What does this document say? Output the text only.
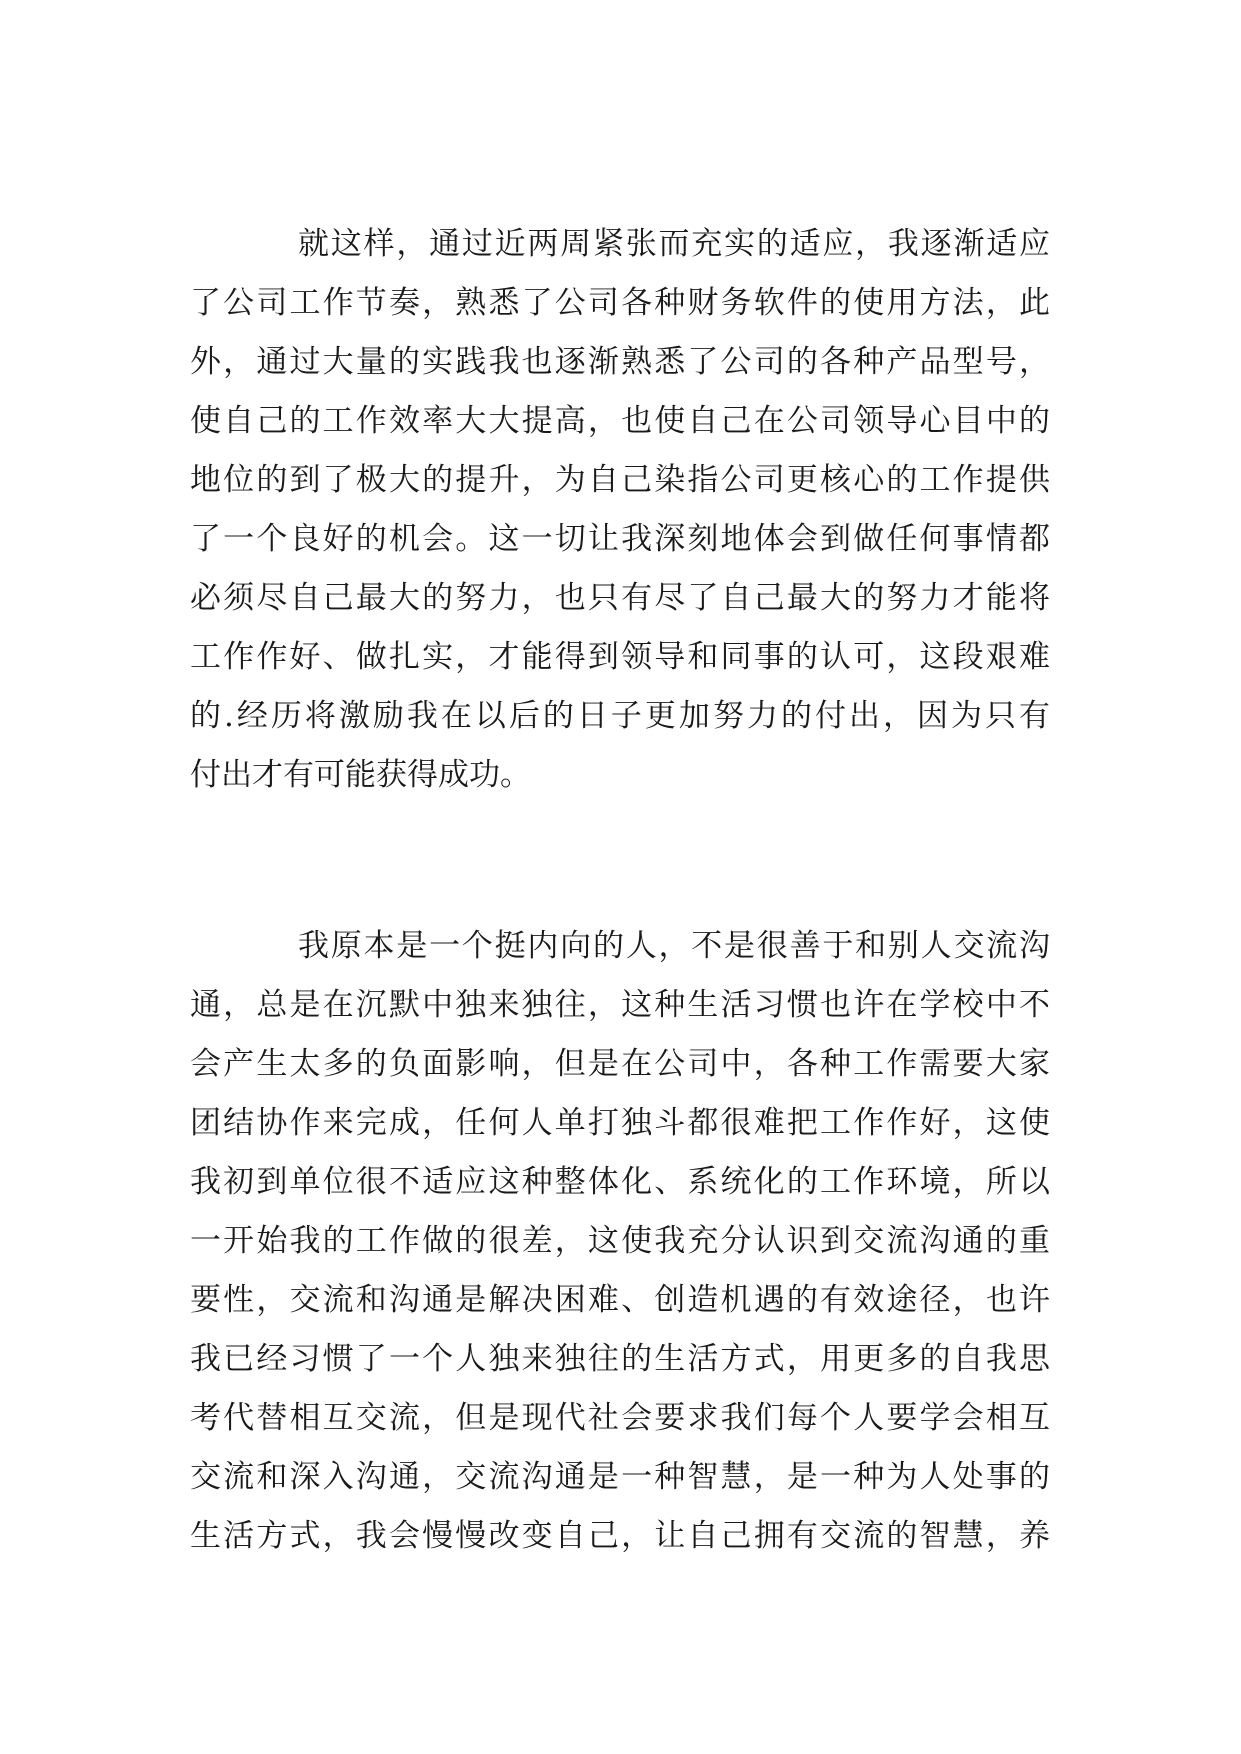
就这样，通过近两周紧张而充实的适应，我逐渐适应
了公司工作节奏，熟悉了公司各种财务软件的使用方法，此
外，通过大量的实践我也逐渐熟悉了公司的各种产品型号，
使自己的工作效率大大提高，也使自己在公司领导心目中的
地位的到了极大的提升，为自己染指公司更核心的工作提供
了一个良好的机会。这一切让我深刻地体会到做任何事情都
必须尽自己最大的努力，也只有尽了自己最大的努力才能将
工作作好、做扎实，才能得到领导和同事的认可，这段艰难
的.经历将激励我在以后的日子更加努力的付出，因为只有
付出才有可能获得成功。
我原本是一个挺内向的人，不是很善于和别人交流沟
通，总是在沉默中独来独往，这种生活习惯也许在学校中不
会产生太多的负面影响，但是在公司中，各种工作需要大家
团结协作来完成，任何人单打独斗都很难把工作作好，这使
我初到单位很不适应这种整体化、系统化的工作环境，所以
一开始我的工作做的很差，这使我充分认识到交流沟通的重
要性，交流和沟通是解决困难、创造机遇的有效途径，也许
我已经习惯了一个人独来独往的生活方式，用更多的自我思
考代替相互交流，但是现代社会要求我们每个人要学会相互
交流和深入沟通，交流沟通是一种智慧，是一种为人处事的
生活方式，我会慢慢改变自己，让自己拥有交流的智慧，养
